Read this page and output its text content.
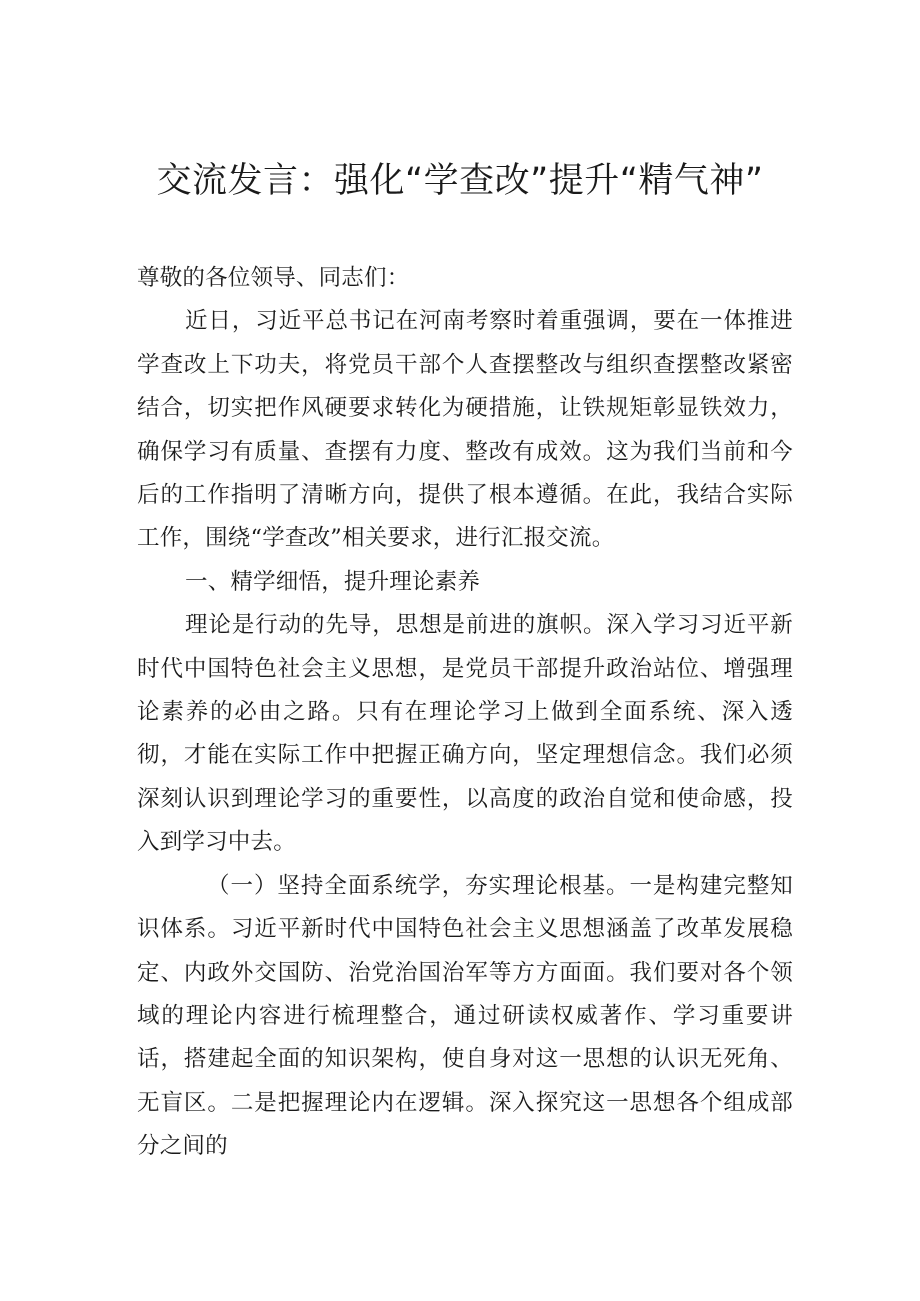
交流发言：强化“学查改”提升“精气神”

尊敬的各位领导、同志们：

近日，习近平总书记在河南考察时着重强调，要在一体推进学查改上下功夫，将党员干部个人查摆整改与组织查摆整改紧密结合，切实把作风硬要求转化为硬措施，让铁规矩彰显铁效力，确保学习有质量、查摆有力度、整改有成效。这为我们当前和今后的工作指明了清晰方向，提供了根本遵循。在此，我结合实际工作，围绕“学查改”相关要求，进行汇报交流。

一、精学细悟，提升理论素养

理论是行动的先导，思想是前进的旗帜。深入学习习近平新时代中国特色社会主义思想，是党员干部提升政治站位、增强理论素养的必由之路。只有在理论学习上做到全面系统、深入透彻，才能在实际工作中把握正确方向，坚定理想信念。我们必须深刻认识到理论学习的重要性，以高度的政治自觉和使命感，投入到学习中去。

（一）坚持全面系统学，夯实理论根基。一是构建完整知识体系。习近平新时代中国特色社会主义思想涵盖了改革发展稳定、内政外交国防、治党治国治军等方方面面。我们要对各个领域的理论内容进行梳理整合，通过研读权威著作、学习重要讲话，搭建起全面的知识架构，使自身对这一思想的认识无死角、无盲区。二是把握理论内在逻辑。深入探究这一思想各个组成部分之间的
